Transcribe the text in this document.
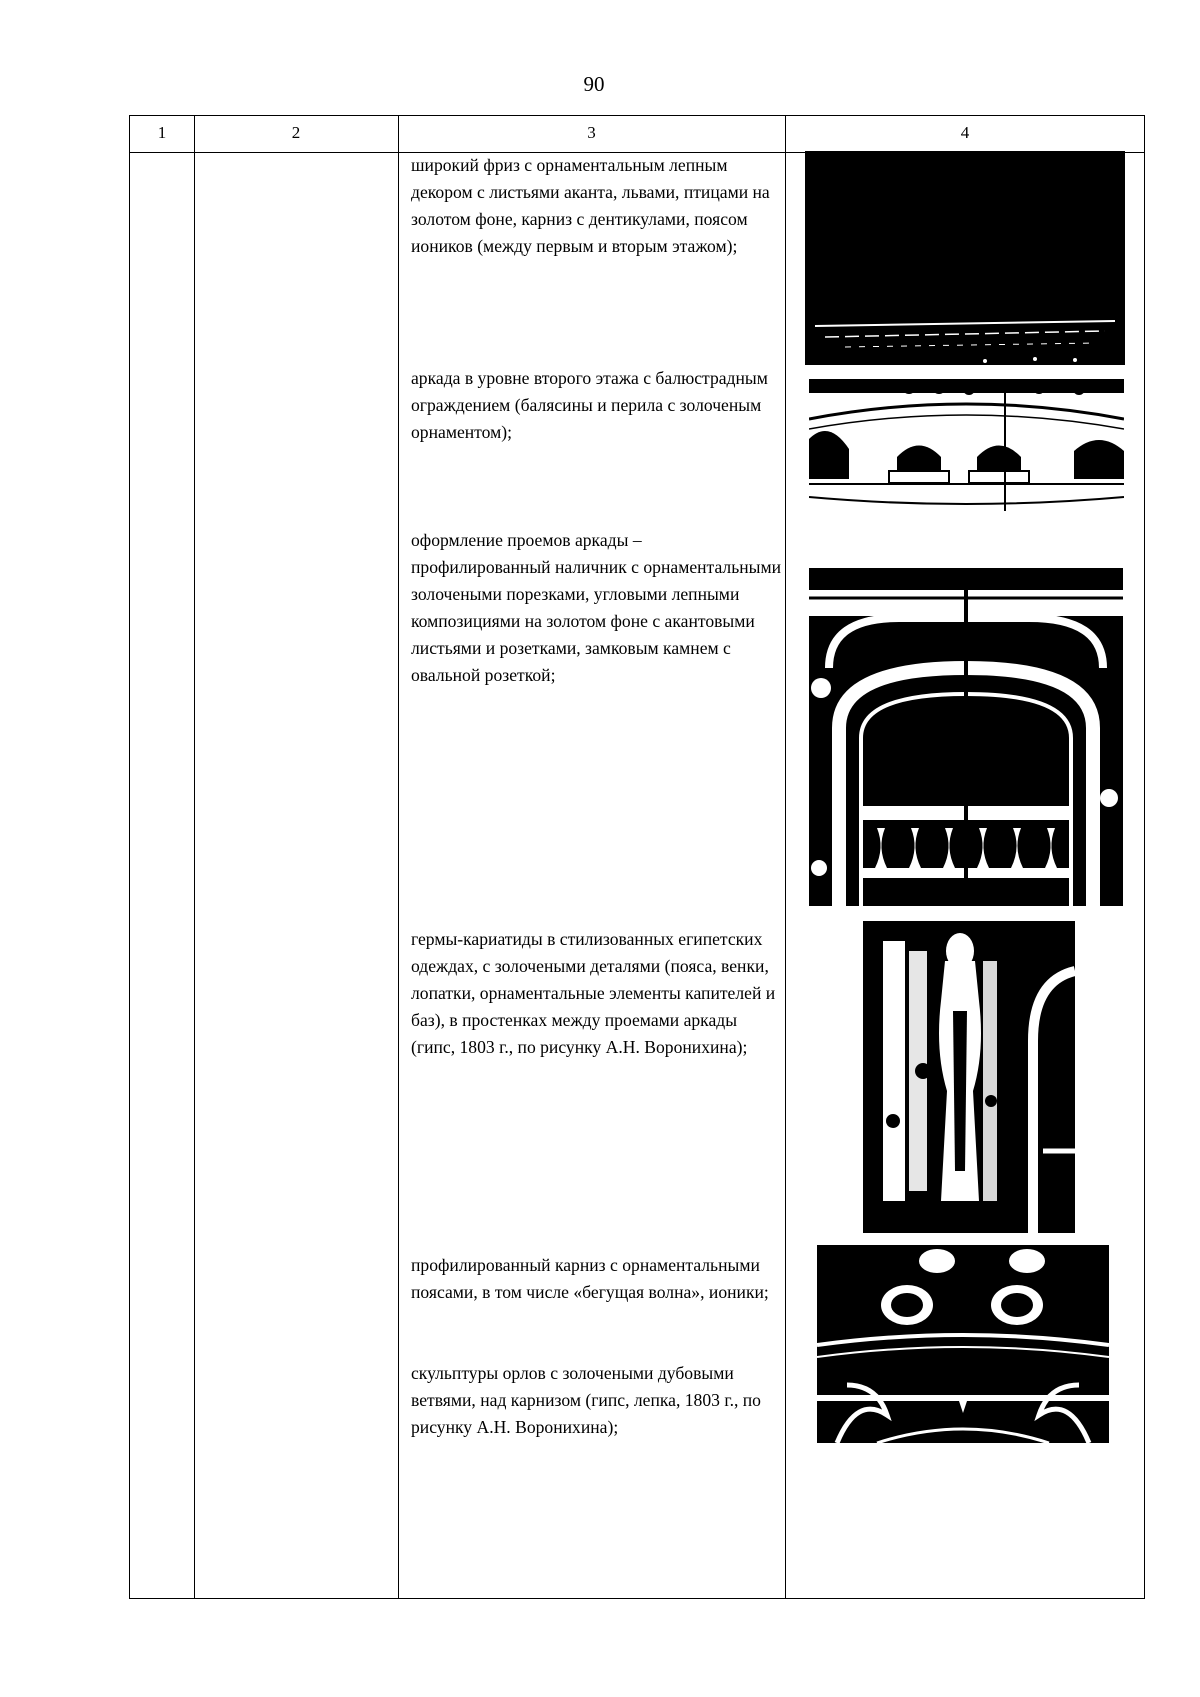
90
1	2	3	4
широкий фриз с орнаментальным лепным декором с листьями аканта, львами, птицами на золотом фоне, карниз с дентикулами, поясом иоников (между первым и вторым этажом);
аркада в уровне второго этажа с балюстрадным ограждением (балясины и перила с золоченым орнаментом);
оформление проемов аркады – профилированный наличник с орнаментальными золочеными порезками, угловыми лепными композициями на золотом фоне с акантовыми листьями и розетками, замковым камнем с овальной розеткой;
гермы-кариатиды в стилизованных египетских одеждах, с золочеными деталями (пояса, венки, лопатки, орнаментальные элементы капителей и баз), в простенках между проемами аркады (гипс, 1803 г., по рисунку А.Н. Воронихина);
профилированный карниз с орнаментальными поясами, в том числе «бегущая волна», ионики;
скульптуры орлов с золочеными дубовыми ветвями, над карнизом (гипс, лепка, 1803 г., по рисунку А.Н. Воронихина);
